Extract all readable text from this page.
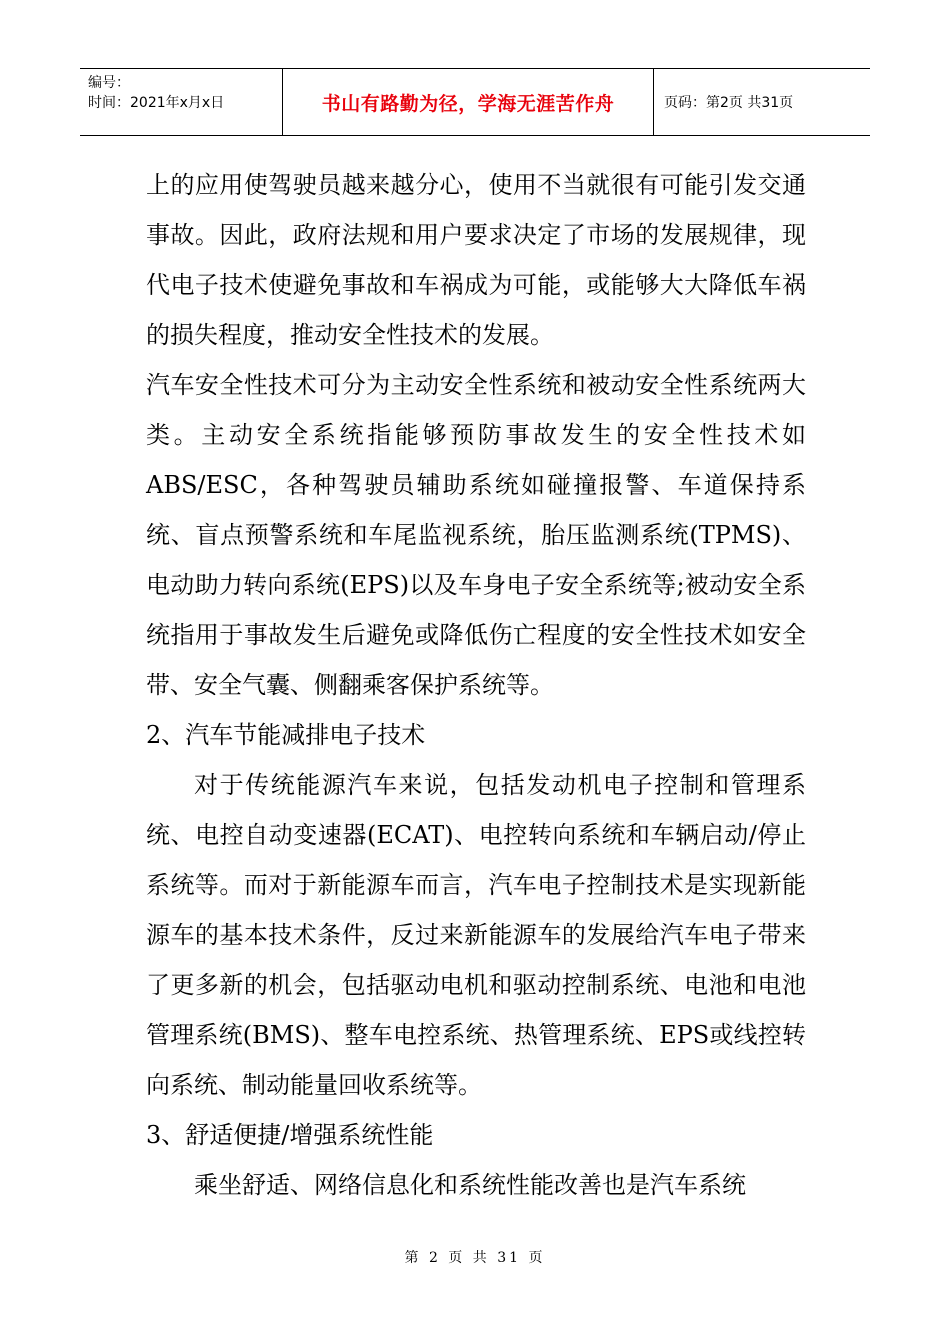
编号：
时间：2021年x月x日	书山有路勤为径，学海无涯苦作舟	页码：第2页 共31页

上的应用使驾驶员越来越分心，使用不当就很有可能引发交通事故。因此，政府法规和用户要求决定了市场的发展规律，现代电子技术使避免事故和车祸成为可能，或能够大大降低车祸的损失程度，推动安全性技术的发展。

汽车安全性技术可分为主动安全性系统和被动安全性系统两大类。主动安全系统指能够预防事故发生的安全性技术如ABS/ESC，各种驾驶员辅助系统如碰撞报警、车道保持系统、盲点预警系统和车尾监视系统，胎压监测系统(TPMS)、电动助力转向系统(EPS)以及车身电子安全系统等;被动安全系统指用于事故发生后避免或降低伤亡程度的安全性技术如安全带、安全气囊、侧翻乘客保护系统等。

2、汽车节能减排电子技术

对于传统能源汽车来说，包括发动机电子控制和管理系统、电控自动变速器(ECAT)、电控转向系统和车辆启动/停止系统等。而对于新能源车而言，汽车电子控制技术是实现新能源车的基本技术条件，反过来新能源车的发展给汽车电子带来了更多新的机会，包括驱动电机和驱动控制系统、电池和电池管理系统(BMS)、整车电控系统、热管理系统、EPS或线控转向系统、制动能量回收系统等。

3、舒适便捷/增强系统性能

乘坐舒适、网络信息化和系统性能改善也是汽车系统

第 2 页 共 31 页
